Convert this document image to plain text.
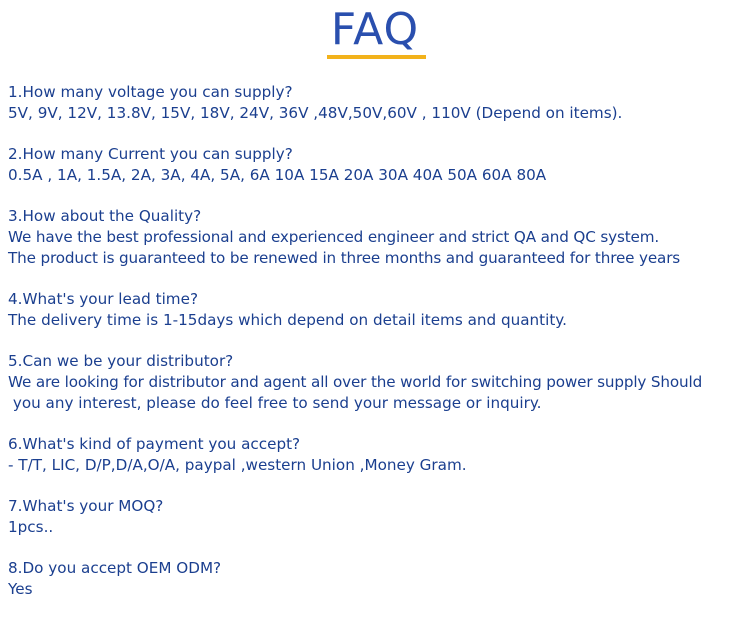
FAQ
1.How many voltage you can supply?
5V, 9V, 12V, 13.8V, 15V, 18V, 24V, 36V ,48V,50V,60V , 110V (Depend on items).
2.How many Current you can supply?
0.5A , 1A, 1.5A, 2A, 3A, 4A, 5A, 6A 10A 15A 20A 30A 40A 50A 60A 80A
3.How about the Quality?
We have the best professional and experienced engineer and strict QA and QC system.
The product is guaranteed to be renewed in three months and guaranteed for three years
4.What's your lead time?
The delivery time is 1-15days which depend on detail items and quantity.
5.Can we be your distributor?
We are looking for distributor and agent all over the world for switching power supply Should
you any interest, please do feel free to send your message or inquiry.
6.What's kind of payment you accept?
- T/T, LIC, D/P,D/A,O/A, paypal ,western Union ,Money Gram.
7.What's your MOQ?
1pcs..
8.Do you accept OEM ODM?
Yes
